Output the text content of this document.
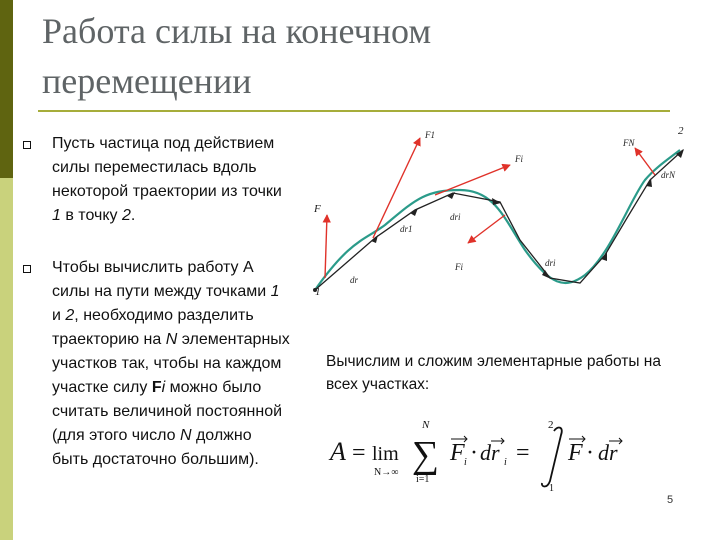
Работа силы на конечном
перемещении
Пусть частица под действием силы переместилась вдоль некоторой траектории из точки 1 в точку 2.
Чтобы вычислить работу А силы на пути между точками 1 и 2, необходимо разделить траекторию на N элементарных участков так, чтобы на каждом участке силу Fi можно было считать величиной постоянной (для этого число N должно быть достаточно большим).
1
2
F
F1
Fi
Fi
FN
dr
dr1
dri
dri
drN
Вычислим и сложим элементарные работы на всех участках:
A = lim
N→∞
N
∑
i=1
F i · dr i =
2
1
F · dr
5
